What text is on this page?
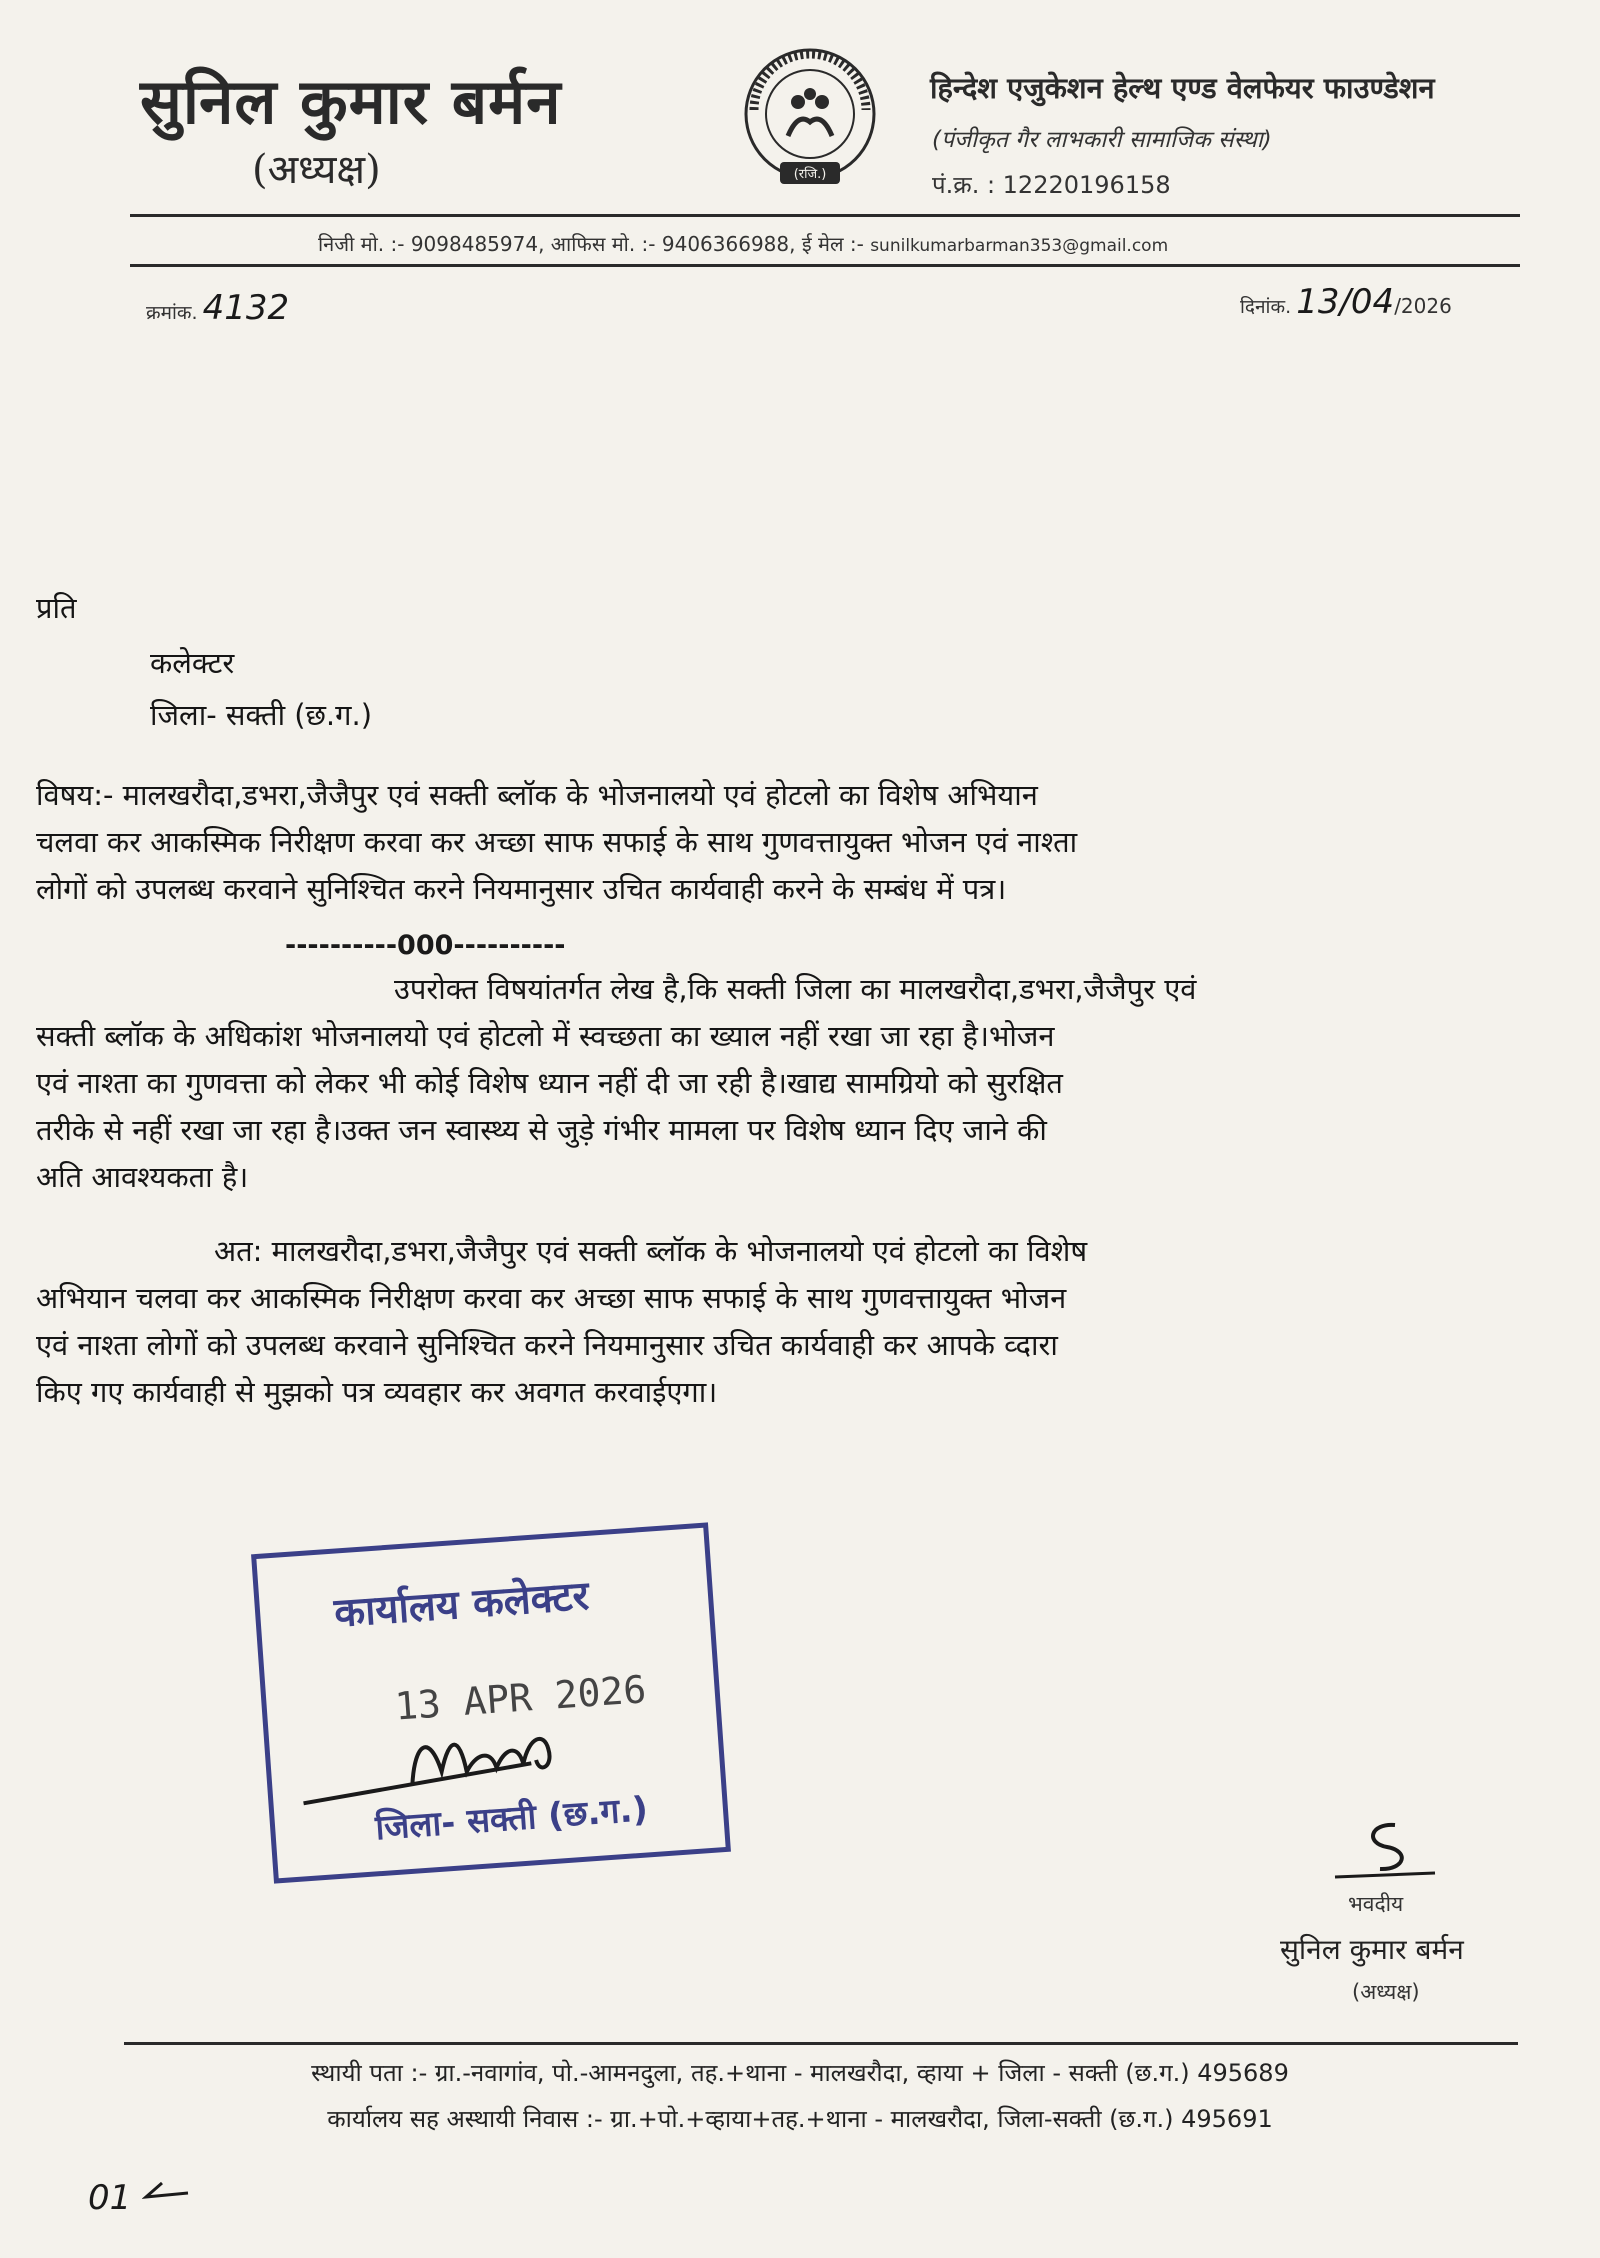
सुनिल कुमार बर्मन
(अध्यक्ष)	(रजि.)
हिन्देश एजुकेशन हेल्थ एण्ड वेलफेयर फाउण्डेशन
(पंजीकृत गैर लाभकारी सामाजिक संस्था)
पं.क्र. : 12220196158
निजी मो. :- 9098485974, आफिस मो. :- 9406366988, ई मेल :- sunilkumarbarman353@gmail.com
क्रमांक. 4132	दिनांक. 13/04/2026
प्रति
कलेक्टर
जिला- सक्ती (छ.ग.)
विषय:- मालखरौदा,डभरा,जैजैपुर एवं सक्ती ब्लॉक के भोजनालयो एवं होटलो का विशेष अभियान
चलवा कर आकस्मिक निरीक्षण करवा कर अच्छा साफ सफाई के साथ गुणवत्तायुक्त भोजन एवं नाश्ता
लोगों को उपलब्ध करवाने सुनिश्चित करने नियमानुसार उचित कार्यवाही करने के सम्बंध में पत्र।
----------000----------
उपरोक्त विषयांतर्गत लेख है,कि सक्ती जिला का मालखरौदा,डभरा,जैजैपुर एवं
सक्ती ब्लॉक के अधिकांश भोजनालयो एवं होटलो में स्वच्छता का ख्याल नहीं रखा जा रहा है।भोजन
एवं नाश्ता का गुणवत्ता को लेकर भी कोई विशेष ध्यान नहीं दी जा रही है।खाद्य सामग्रियो को सुरक्षित
तरीके से नहीं रखा जा रहा है।उक्त जन स्वास्थ्य से जुड़े गंभीर मामला पर विशेष ध्यान दिए जाने की
अति आवश्यकता है।
अत: मालखरौदा,डभरा,जैजैपुर एवं सक्ती ब्लॉक के भोजनालयो एवं होटलो का विशेष
अभियान चलवा कर आकस्मिक निरीक्षण करवा कर अच्छा साफ सफाई के साथ गुणवत्तायुक्त भोजन
एवं नाश्ता लोगों को उपलब्ध करवाने सुनिश्चित करने नियमानुसार उचित कार्यवाही कर आपके व्दारा
किए गए कार्यवाही से मुझको पत्र व्यवहार कर अवगत करवाईएगा।
कार्यालय कलेक्टर
13 APR 2026
जिला- सक्ती (छ.ग.)
भवदीय
सुनिल कुमार बर्मन
(अध्यक्ष)
स्थायी पता :- ग्रा.-नवागांव, पो.-आमनदुला, तह.+थाना - मालखरौदा, व्हाया + जिला - सक्ती (छ.ग.) 495689
कार्यालय सह अस्थायी निवास :- ग्रा.+पो.+व्हाया+तह.+थाना - मालखरौदा, जिला-सक्ती (छ.ग.) 495691
01
